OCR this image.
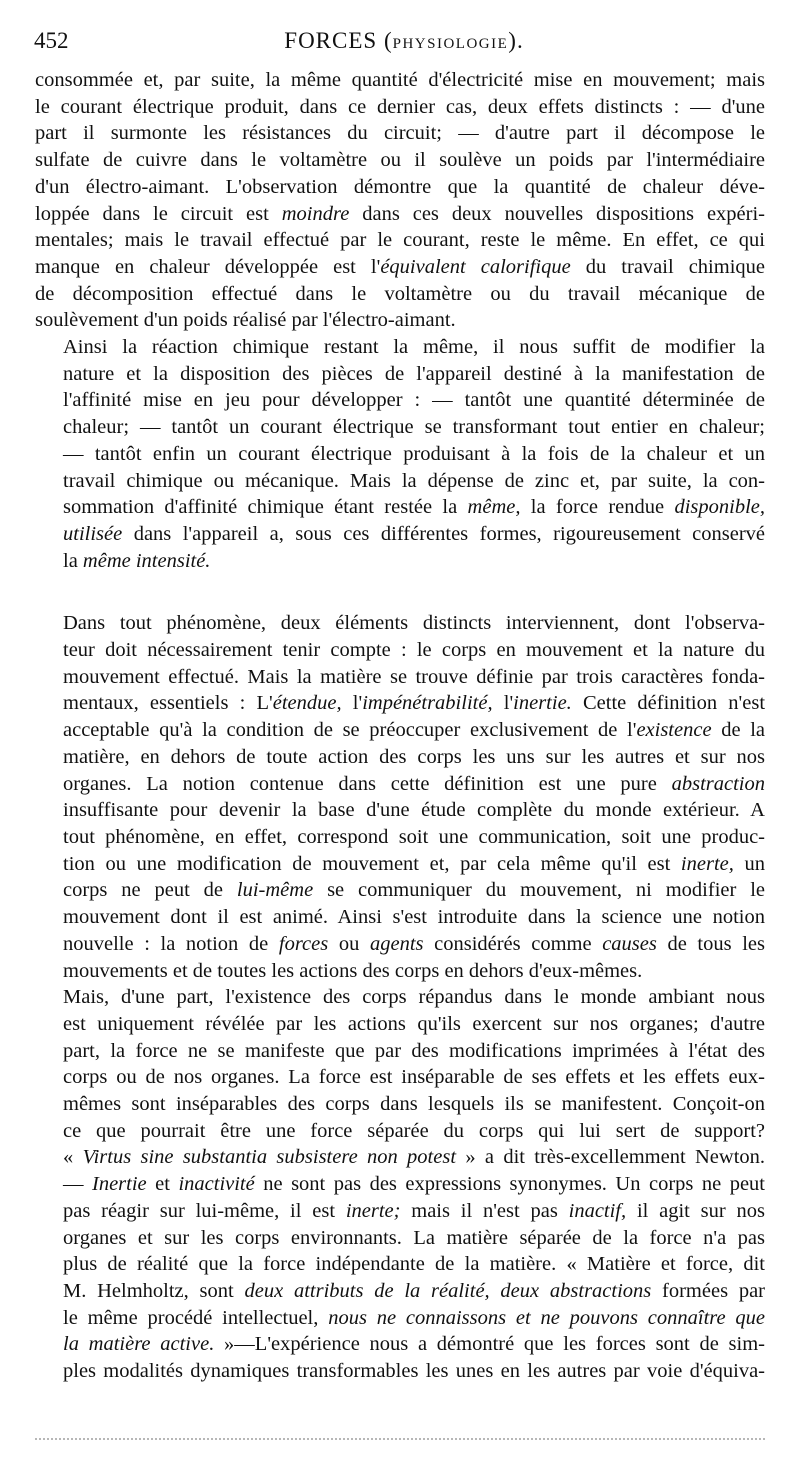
452	FORCES (PHYSIOLOGIE).

consommée et, par suite, la même quantité d'électricité mise en mouvement; mais
le courant électrique produit, dans ce dernier cas, deux effets distincts : — d'une
part il surmonte les résistances du circuit; — d'autre part il décompose le
sulfate de cuivre dans le voltamètre ou il soulève un poids par l'intermédiaire
d'un électro-aimant. L'observation démontre que la quantité de chaleur déve-
loppée dans le circuit est moindre dans ces deux nouvelles dispositions expéri-
mentales; mais le travail effectué par le courant, reste le même. En effet, ce qui
manque en chaleur développée est l'équivalent calorifique du travail chimique
de décomposition effectué dans le voltamètre ou du travail mécanique de
soulèvement d'un poids réalisé par l'électro-aimant.

Ainsi la réaction chimique restant la même, il nous suffit de modifier la
nature et la disposition des pièces de l'appareil destiné à la manifestation de
l'affinité mise en jeu pour développer : — tantôt une quantité déterminée de
chaleur; — tantôt un courant électrique se transformant tout entier en chaleur;
— tantôt enfin un courant électrique produisant à la fois de la chaleur et un
travail chimique ou mécanique. Mais la dépense de zinc et, par suite, la con-
sommation d'affinité chimique étant restée la même, la force rendue disponible,
utilisée dans l'appareil a, sous ces différentes formes, rigoureusement conservé
la même intensité.

Dans tout phénomène, deux éléments distincts interviennent, dont l'observa-
teur doit nécessairement tenir compte : le corps en mouvement et la nature du
mouvement effectué. Mais la matière se trouve définie par trois caractères fonda-
mentaux, essentiels : L'étendue, l'impénétrabilité, l'inertie. Cette définition n'est
acceptable qu'à la condition de se préoccuper exclusivement de l'existence de la
matière, en dehors de toute action des corps les uns sur les autres et sur nos
organes. La notion contenue dans cette définition est une pure abstraction
insuffisante pour devenir la base d'une étude complète du monde extérieur. A
tout phénomène, en effet, correspond soit une communication, soit une produc-
tion ou une modification de mouvement et, par cela même qu'il est inerte, un
corps ne peut de lui-même se communiquer du mouvement, ni modifier le
mouvement dont il est animé. Ainsi s'est introduite dans la science une notion
nouvelle : la notion de forces ou agents considérés comme causes de tous les
mouvements et de toutes les actions des corps en dehors d'eux-mêmes.

Mais, d'une part, l'existence des corps répandus dans le monde ambiant nous
est uniquement révélée par les actions qu'ils exercent sur nos organes; d'autre
part, la force ne se manifeste que par des modifications imprimées à l'état des
corps ou de nos organes. La force est inséparable de ses effets et les effets eux-
mêmes sont inséparables des corps dans lesquels ils se manifestent. Conçoit-on
ce que pourrait être une force séparée du corps qui lui sert de support?
« Virtus sine substantia subsistere non potest » a dit très-excellemment Newton.
— Inertie et inactivité ne sont pas des expressions synonymes. Un corps ne peut
pas réagir sur lui-même, il est inerte; mais il n'est pas inactif, il agit sur nos
organes et sur les corps environnants. La matière séparée de la force n'a pas
plus de réalité que la force indépendante de la matière. « Matière et force, dit
M. Helmholtz, sont deux attributs de la réalité, deux abstractions formées par
le même procédé intellectuel, nous ne connaissons et ne pouvons connaître que
la matière active. »—L'expérience nous a démontré que les forces sont de sim-
ples modalités dynamiques transformables les unes en les autres par voie d'équiva-
